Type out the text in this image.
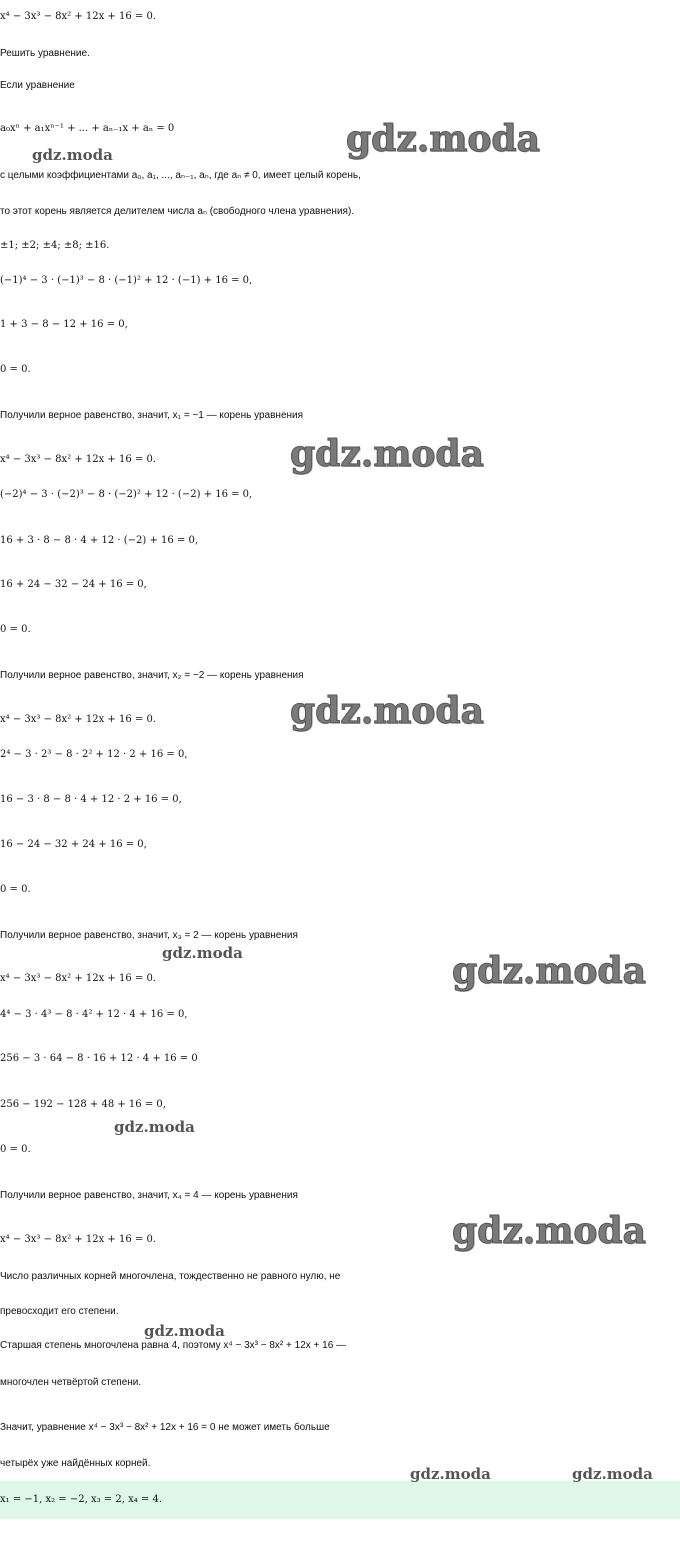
x⁴ − 3x³ − 8x² + 12x + 16 = 0.
Решить уравнение.
Если уравнение
a₀xⁿ + a₁xⁿ⁻¹ + ... + aₙ₋₁x + aₙ = 0
с целыми коэффициентами a₀, a₁, ..., aₙ₋₁, aₙ, где aₙ ≠ 0, имеет целый корень,
то этот корень является делителем числа aₙ (свободного члена уравнения).
±1; ±2; ±4; ±8; ±16.
(−1)⁴ − 3 · (−1)³ − 8 · (−1)² + 12 · (−1) + 16 = 0,
1 + 3 − 8 − 12 + 16 = 0,
0 = 0.
Получили верное равенство, значит, x₁ = −1 — корень уравнения
x⁴ − 3x³ − 8x² + 12x + 16 = 0.
(−2)⁴ − 3 · (−2)³ − 8 · (−2)² + 12 · (−2) + 16 = 0,
16 + 3 · 8 − 8 · 4 + 12 · (−2) + 16 = 0,
16 + 24 − 32 − 24 + 16 = 0,
0 = 0.
Получили верное равенство, значит, x₂ = −2 — корень уравнения
x⁴ − 3x³ − 8x² + 12x + 16 = 0.
2⁴ − 3 · 2³ − 8 · 2² + 12 · 2 + 16 = 0,
16 − 3 · 8 − 8 · 4 + 12 · 2 + 16 = 0,
16 − 24 − 32 + 24 + 16 = 0,
0 = 0.
Получили верное равенство, значит, x₃ = 2 — корень уравнения
x⁴ − 3x³ − 8x² + 12x + 16 = 0.
4⁴ − 3 · 4³ − 8 · 4² + 12 · 4 + 16 = 0,
256 − 3 · 64 − 8 · 16 + 12 · 4 + 16 = 0
256 − 192 − 128 + 48 + 16 = 0,
0 = 0.
Получили верное равенство, значит, x₄ = 4 — корень уравнения
x⁴ − 3x³ − 8x² + 12x + 16 = 0.
Число различных корней многочлена, тождественно не равного нулю, не
превосходит его степени.
Старшая степень многочлена равна 4, поэтому x⁴ − 3x³ − 8x² + 12x + 16 —
многочлен четвёртой степени.
Значит, уравнение x⁴ − 3x³ − 8x² + 12x + 16 = 0 не может иметь больше
четырёх уже найдённых корней.
x₁ = −1, x₂ = −2, x₃ = 2, x₄ = 4.
gdz.moda
gdz.moda
gdz.moda
gdz.moda
gdz.moda	gdz.moda
gdz.moda
gdz.moda
gdz.moda
gdz.moda	gdz.moda
